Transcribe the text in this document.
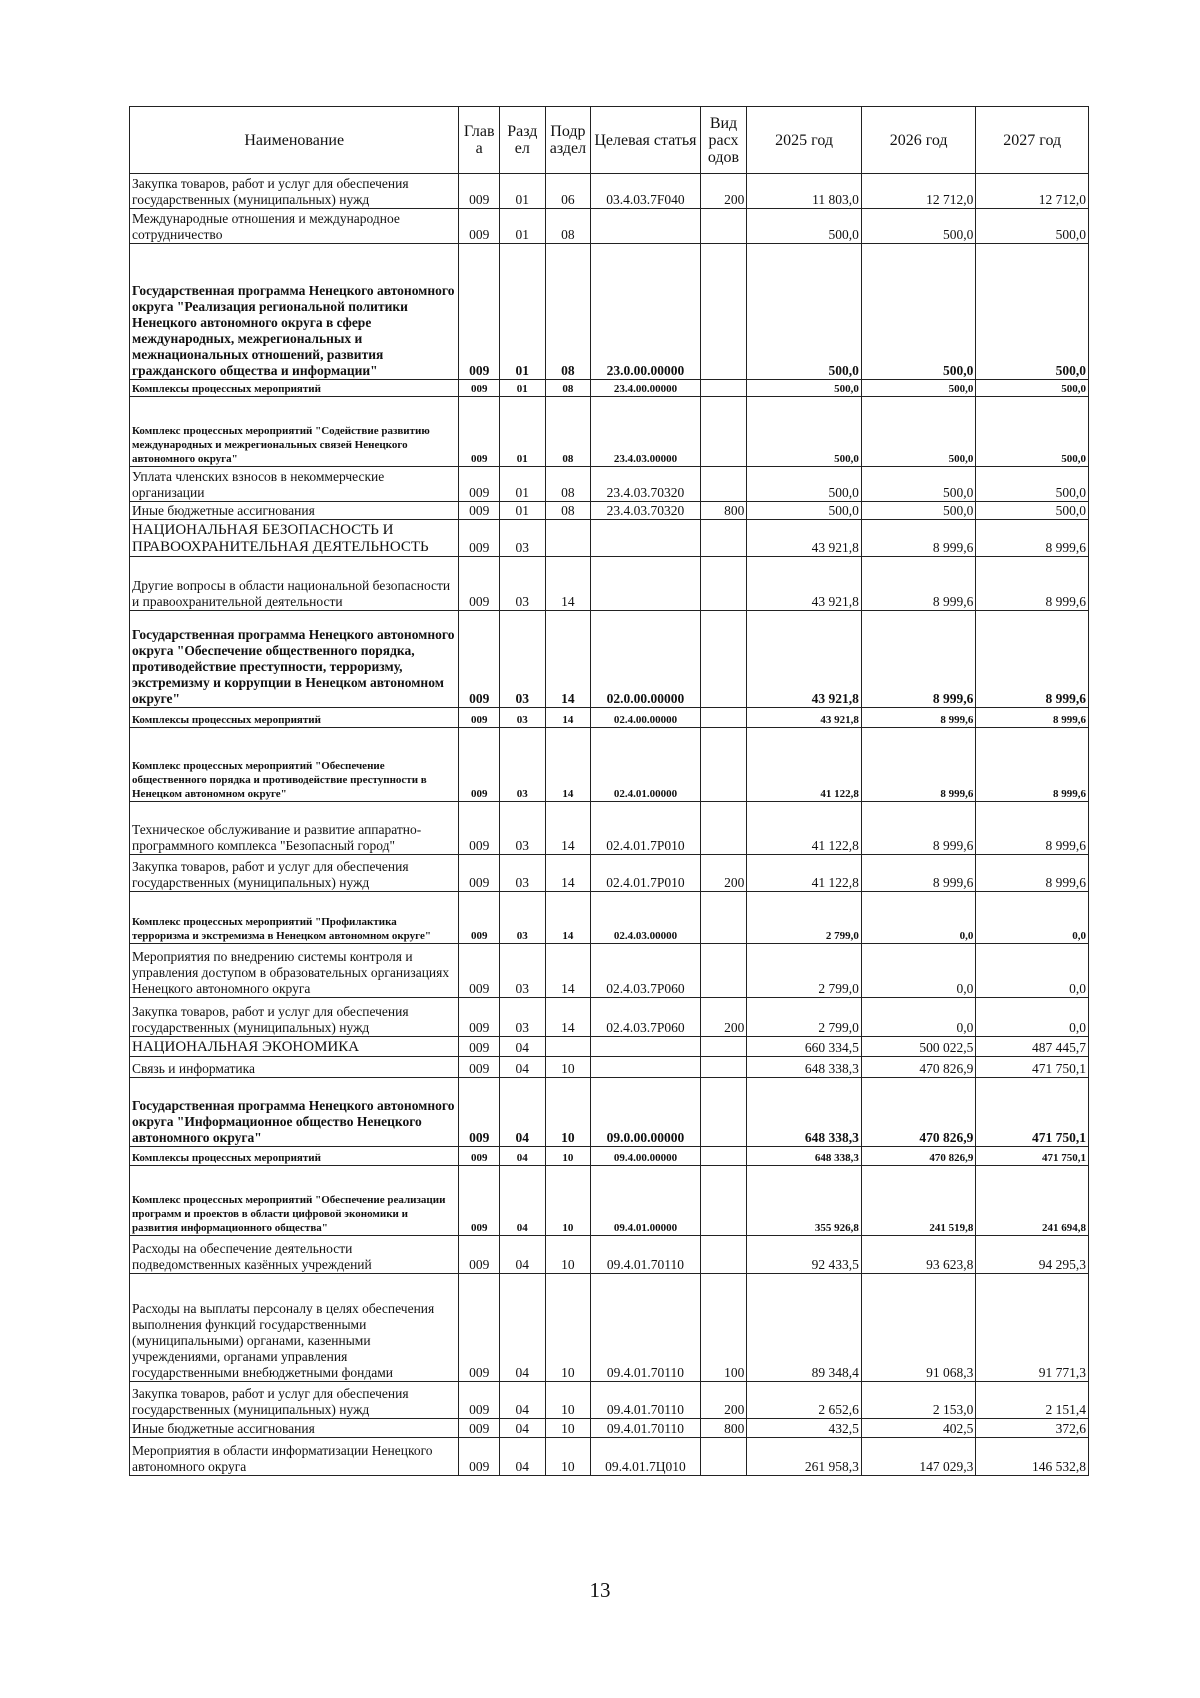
Наименование	Глав а	Разд ел	Подр аздел	Целевая статья	Вид расх одов	2025 год	2026 год	2027 год
Закупка товаров, работ и услуг для обеспечения государственных (муниципальных) нужд	009	01	06	03.4.03.7F040	200	11 803,0	12 712,0	12 712,0
Международные отношения и международное сотрудничество	009	01	08			500,0	500,0	500,0
Государственная программа Ненецкого автономного округа "Реализация региональной политики Ненецкого автономного округа в сфере международных, межрегиональных и межнациональных отношений, развития гражданского общества и информации"	009	01	08	23.0.00.00000		500,0	500,0	500,0
Комплексы процессных мероприятий	009	01	08	23.4.00.00000		500,0	500,0	500,0
Комплекс процессных мероприятий "Содействие развитию международных и межрегиональных связей Ненецкого автономного округа"	009	01	08	23.4.03.00000		500,0	500,0	500,0
Уплата членских взносов в некоммерческие организации	009	01	08	23.4.03.70320		500,0	500,0	500,0
Иные бюджетные ассигнования	009	01	08	23.4.03.70320	800	500,0	500,0	500,0
НАЦИОНАЛЬНАЯ БЕЗОПАСНОСТЬ И ПРАВООХРАНИТЕЛЬНАЯ ДЕЯТЕЛЬНОСТЬ	009	03				43 921,8	8 999,6	8 999,6
Другие вопросы в области национальной безопасности и правоохранительной деятельности	009	03	14			43 921,8	8 999,6	8 999,6
Государственная программа Ненецкого автономного округа "Обеспечение общественного порядка, противодействие преступности, терроризму, экстремизму и коррупции в Ненецком автономном округе"	009	03	14	02.0.00.00000		43 921,8	8 999,6	8 999,6
Комплексы процессных мероприятий	009	03	14	02.4.00.00000		43 921,8	8 999,6	8 999,6
Комплекс процессных мероприятий "Обеспечение общественного порядка и противодействие преступности в Ненецком автономном округе"	009	03	14	02.4.01.00000		41 122,8	8 999,6	8 999,6
Техническое обслуживание и развитие аппаратно-программного комплекса "Безопасный город"	009	03	14	02.4.01.7Р010		41 122,8	8 999,6	8 999,6
Закупка товаров, работ и услуг для обеспечения государственных (муниципальных) нужд	009	03	14	02.4.01.7Р010	200	41 122,8	8 999,6	8 999,6
Комплекс процессных мероприятий "Профилактика терроризма и экстремизма в Ненецком автономном округе"	009	03	14	02.4.03.00000		2 799,0	0,0	0,0
Мероприятия по внедрению системы контроля и управления доступом в образовательных организациях Ненецкого автономного округа	009	03	14	02.4.03.7Р060		2 799,0	0,0	0,0
Закупка товаров, работ и услуг для обеспечения государственных (муниципальных) нужд	009	03	14	02.4.03.7Р060	200	2 799,0	0,0	0,0
НАЦИОНАЛЬНАЯ ЭКОНОМИКА	009	04				660 334,5	500 022,5	487 445,7
Связь и информатика	009	04	10			648 338,3	470 826,9	471 750,1
Государственная программа Ненецкого автономного округа "Информационное общество Ненецкого автономного округа"	009	04	10	09.0.00.00000		648 338,3	470 826,9	471 750,1
Комплексы процессных мероприятий	009	04	10	09.4.00.00000		648 338,3	470 826,9	471 750,1
Комплекс процессных мероприятий "Обеспечение реализации программ и проектов в области цифровой экономики и развития информационного общества"	009	04	10	09.4.01.00000		355 926,8	241 519,8	241 694,8
Расходы на обеспечение деятельности подведомственных казённых учреждений	009	04	10	09.4.01.70110		92 433,5	93 623,8	94 295,3
Расходы на выплаты персоналу в целях обеспечения выполнения функций государственными (муниципальными) органами, казенными учреждениями, органами управления государственными внебюджетными фондами	009	04	10	09.4.01.70110	100	89 348,4	91 068,3	91 771,3
Закупка товаров, работ и услуг для обеспечения государственных (муниципальных) нужд	009	04	10	09.4.01.70110	200	2 652,6	2 153,0	2 151,4
Иные бюджетные ассигнования	009	04	10	09.4.01.70110	800	432,5	402,5	372,6
Мероприятия в области информатизации Ненецкого автономного округа	009	04	10	09.4.01.7Ц010		261 958,3	147 029,3	146 532,8
13
